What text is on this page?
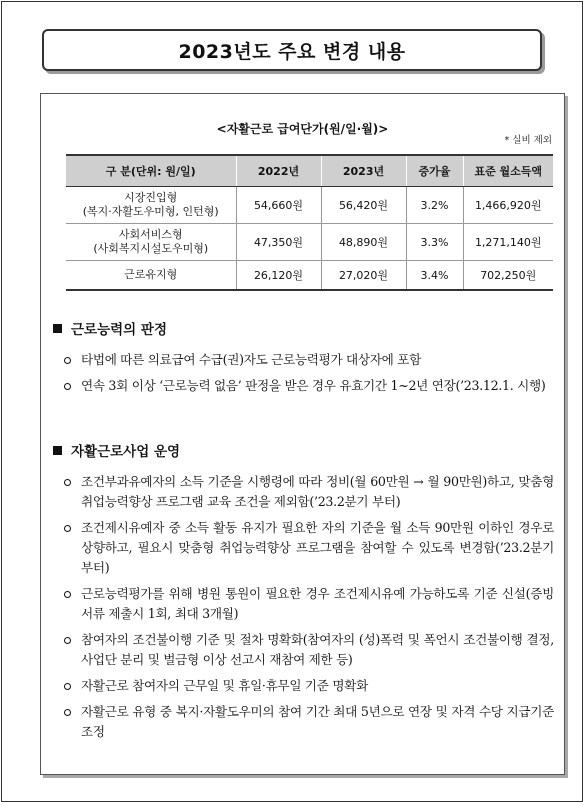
2023년도 주요 변경 내용
<자활근로 급여단가(원/일·월)>
* 실비 제외
구 분(단위: 원/일)	2022년	2023년	증가율	표준 월소득액

시장진입형
(복지·자활도우미형, 인턴형)	54,660원	56,420원	3.2%	1,466,920원

사회서비스형
(사회복지시설도우미형)	47,350원	48,890원	3.3%	1,271,140원

근로유지형	26,120원	27,020원	3.4%	702,250원
근로능력의 판정
타법에 따른 의료급여 수급(권)자도 근로능력평가 대상자에 포함
연속 3회 이상 ‘근로능력 없음’ 판정을 받은 경우 유효기간 1~2년 연장(’23.12.1. 시행)
자활근로사업 운영
조건부과유예자의 소득 기준을 시행령에 따라 정비(월 60만원 → 월 90만원)하고, 맞춤형 취업능력향상 프로그램 교육 조건을 제외함(’23.2분기 부터)
조건제시유예자 중 소득 활동 유지가 필요한 자의 기준을 월 소득 90만원 이하인 경우로 상향하고, 필요시 맞춤형 취업능력향상 프로그램을 참여할 수 있도록 변경함(’23.2분기 부터)
근로능력평가를 위해 병원 통원이 필요한 경우 조건제시유예 가능하도록 기준 신설(증빙서류 제출시 1회, 최대 3개월)
참여자의 조건불이행 기준 및 절차 명확화(참여자의 (성)폭력 및 폭언시 조건불이행 결정, 사업단 분리 및 벌금형 이상 선고시 재참여 제한 등)
자활근로 참여자의 근무일 및 휴일·휴무일 기준 명확화
자활근로 유형 중 복지·자활도우미의 참여 기간 최대 5년으로 연장 및 자격 수당 지급기준 조정
